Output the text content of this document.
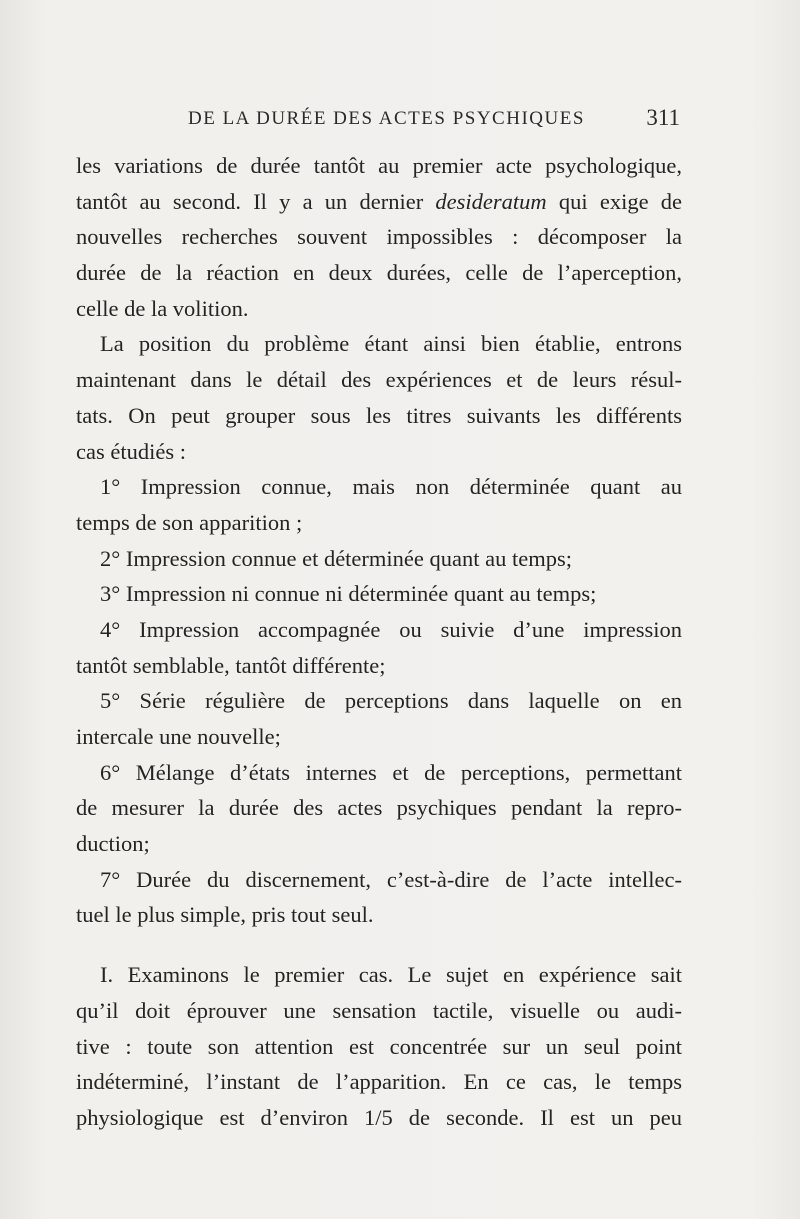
DE LA DURÉE DES ACTES PSYCHIQUES	311
les variations de durée tantôt au premier acte psychologique,
tantôt au second. Il y a un dernier desideratum qui exige de
nouvelles recherches souvent impossibles : décomposer la
durée de la réaction en deux durées, celle de l’aperception,
celle de la volition.
La position du problème étant ainsi bien établie, entrons
maintenant dans le détail des expériences et de leurs résul-
tats. On peut grouper sous les titres suivants les différents
cas étudiés :
1° Impression connue, mais non déterminée quant au
temps de son apparition ;
2° Impression connue et déterminée quant au temps;
3° Impression ni connue ni déterminée quant au temps;
4° Impression accompagnée ou suivie d’une impression
tantôt semblable, tantôt différente;
5° Série régulière de perceptions dans laquelle on en
intercale une nouvelle;
6° Mélange d’états internes et de perceptions, permettant
de mesurer la durée des actes psychiques pendant la repro-
duction;
7° Durée du discernement, c’est-à-dire de l’acte intellec-
tuel le plus simple, pris tout seul.
I. Examinons le premier cas. Le sujet en expérience sait
qu’il doit éprouver une sensation tactile, visuelle ou audi-
tive : toute son attention est concentrée sur un seul point
indéterminé, l’instant de l’apparition. En ce cas, le temps
physiologique est d’environ 1/5 de seconde. Il est un peu
